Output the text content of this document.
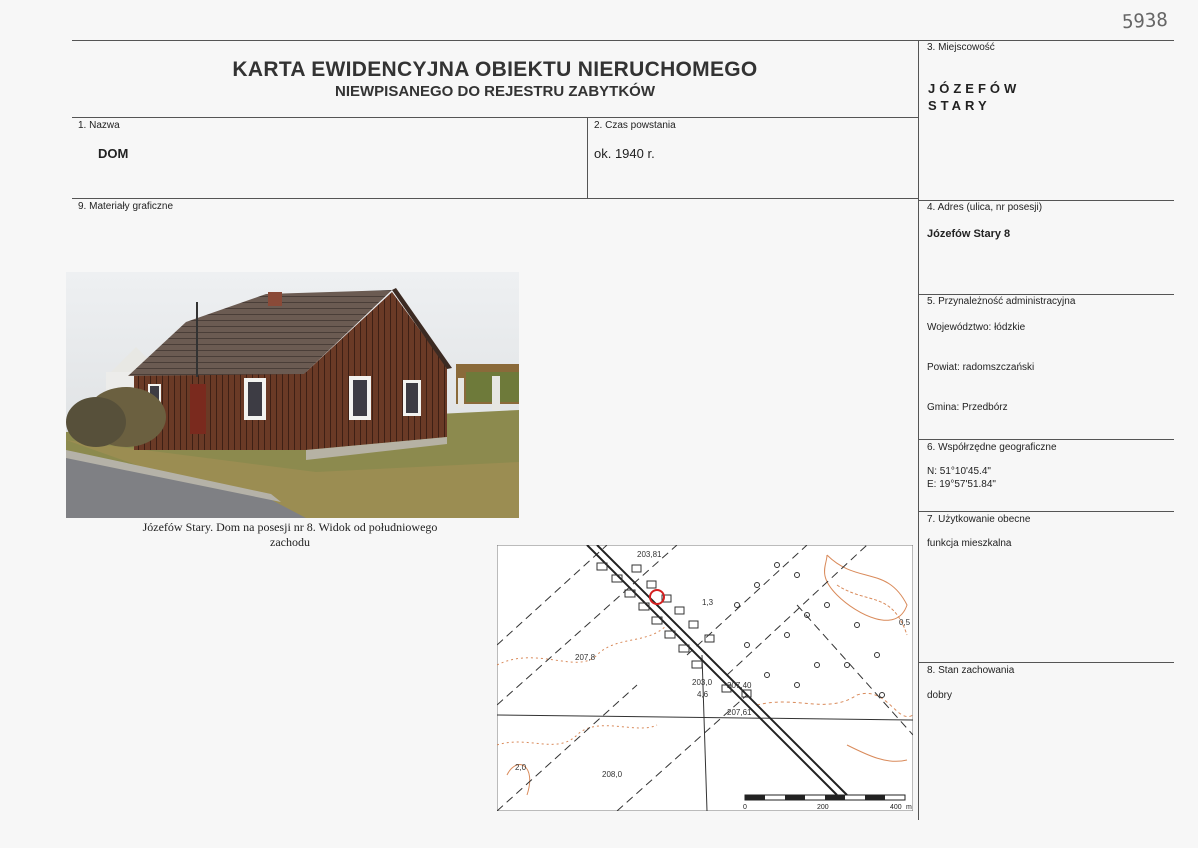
5938
KARTA EWIDENCYJNA OBIEKTU NIERUCHOMEGO
NIEWPISANEGO DO REJESTRU ZABYTKÓW
3. Miejscowość
JÓZEFÓW
STARY
1. Nazwa
DOM
2. Czas powstania
ok. 1940 r.
9. Materiały graficzne	4. Adres (ulica, nr posesji)
Józefów Stary 8
5. Przynależność administracyjna
Województwo: łódzkie
Powiat: radomszczański
Gmina: Przedbórz
6. Współrzędne geograficzne
N: 51°10'45.4"
E: 19°57'51.84"
7. Użytkowanie obecne
funkcja mieszkalna
8. Stan zachowania
dobry
Józefów Stary. Dom na posesji nr 8. Widok od południowego zachodu
203,81
207,8
203,0 207,40
207,61
208,0
0,5
1,3
4,6
2,0
0	200	400 m
